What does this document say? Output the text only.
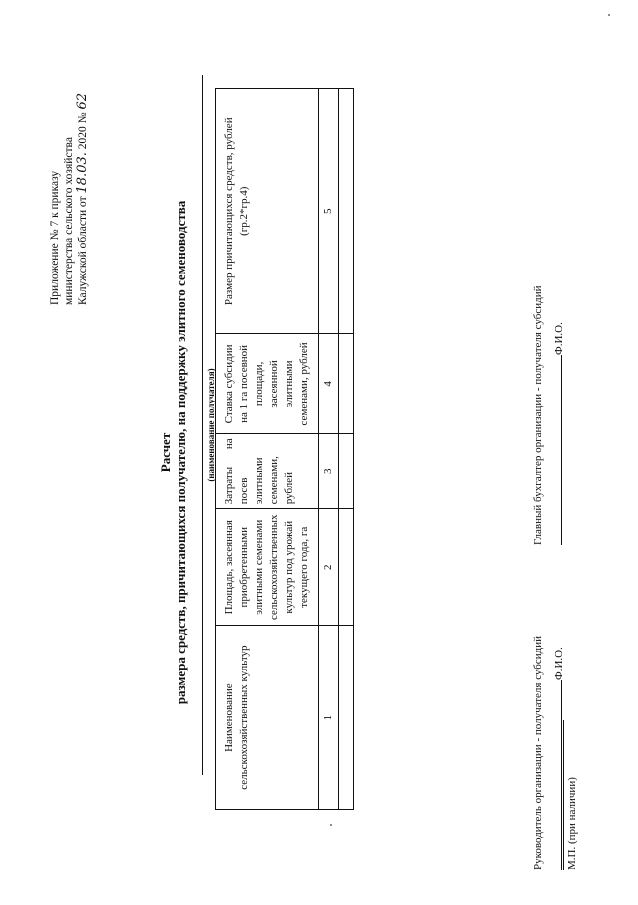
Приложение № 7 к приказу министерства сельского хозяйства Калужской области от 18.03. 2020 № 62
Расчет размера средств, причитающихся получателю, на поддержку элитного семеноводства (наименование получателя)
Наименование сельскохозяйственных культур	Площадь, засеянная приобретенными элитными семенами сельскохозяйственных культур под урожай текущего года, га	Затраты на посев элитными семенами, рублей	Ставка субсидии на 1 га посевной площади, засеянной элитными семенами, рублей	Размер причитающихся средств, рублей (гр.2*гр.4)
1	2	3	4	5

Руководитель организации - получателя субсидий Ф.И.О.
Главный бухгалтер организации - получателя субсидий Ф.И.О.
М.П. (при наличии)
